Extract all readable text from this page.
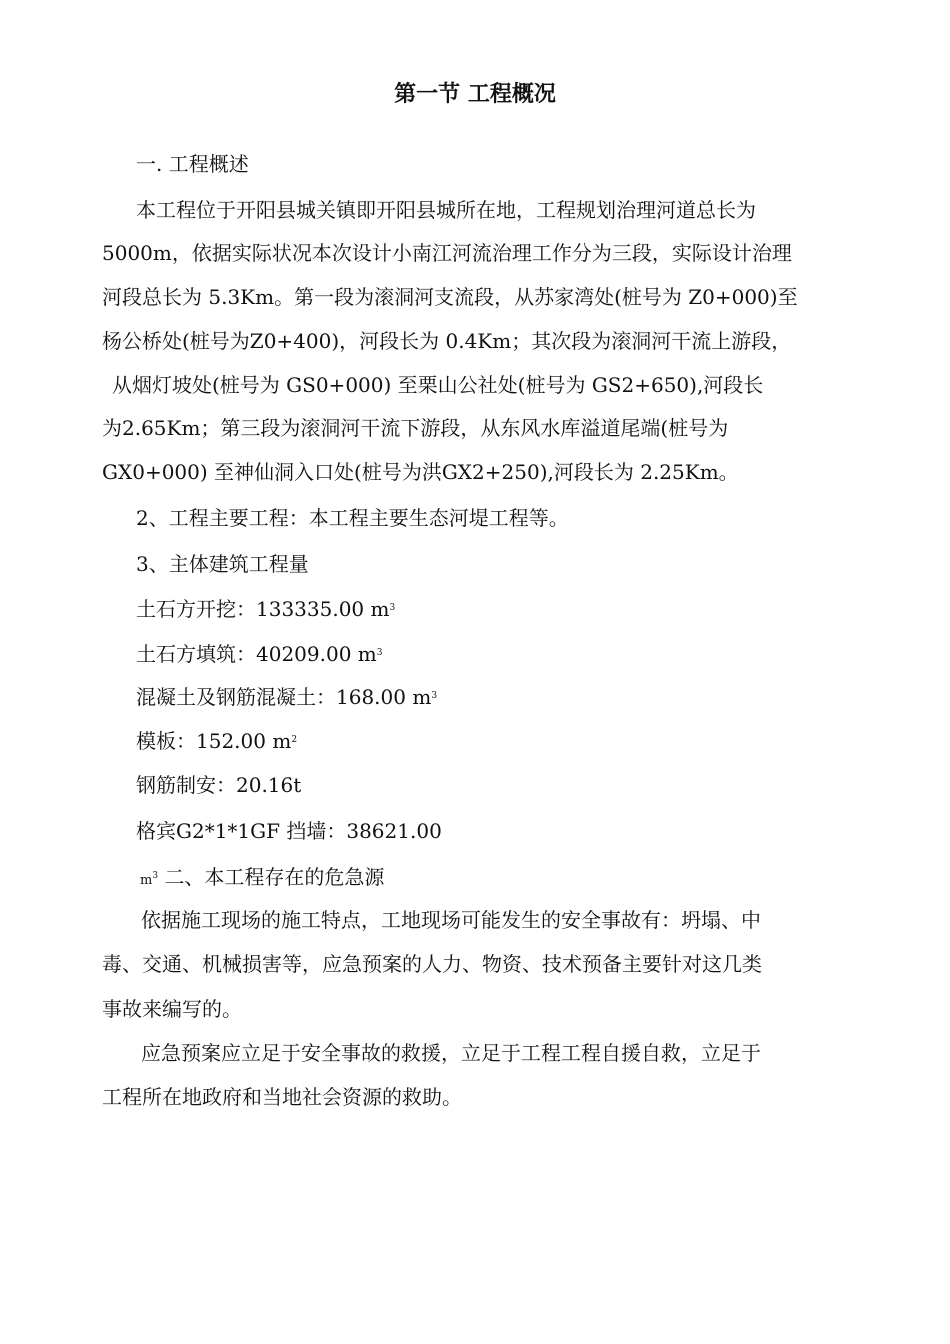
第一节 工程概况
一. 工程概述
本工程位于开阳县城关镇即开阳县城所在地，工程规划治理河道总长为
5000m，依据实际状况本次设计小南江河流治理工作分为三段，实际设计治理
河段总长为 5.3Km。第一段为滚洞河支流段，从苏家湾处(桩号为 Z0+000)至
杨公桥处(桩号为Z0+400)，河段长为 0.4Km；其次段为滚洞河干流上游段，
从烟灯坡处(桩号为 GS0+000) 至栗山公社处(桩号为 GS2+650),河段长
为2.65Km；第三段为滚洞河干流下游段，从东风水库溢道尾端(桩号为
GX0+000) 至神仙洞入口处(桩号为洪GX2+250),河段长为 2.25Km。
2、工程主要工程：本工程主要生态河堤工程等。
3、主体建筑工程量
土石方开挖：133335.00 $m^3$
土石方填筑：40209.00 $m^3$
混凝土及钢筋混凝土：168.00 $m^3$
模板：152.00 $m^2$
钢筋制安：20.16t
格宾G2*1*1GF 挡墙：38621.00
$m^3$ 二、本工程存在的危急源
依据施工现场的施工特点，工地现场可能发生的安全事故有：坍塌、中
毒、交通、机械损害等，应急预案的人力、物资、技术预备主要针对这几类
事故来编写的。
应急预案应立足于安全事故的救援，立足于工程工程自援自救，立足于
工程所在地政府和当地社会资源的救助。
